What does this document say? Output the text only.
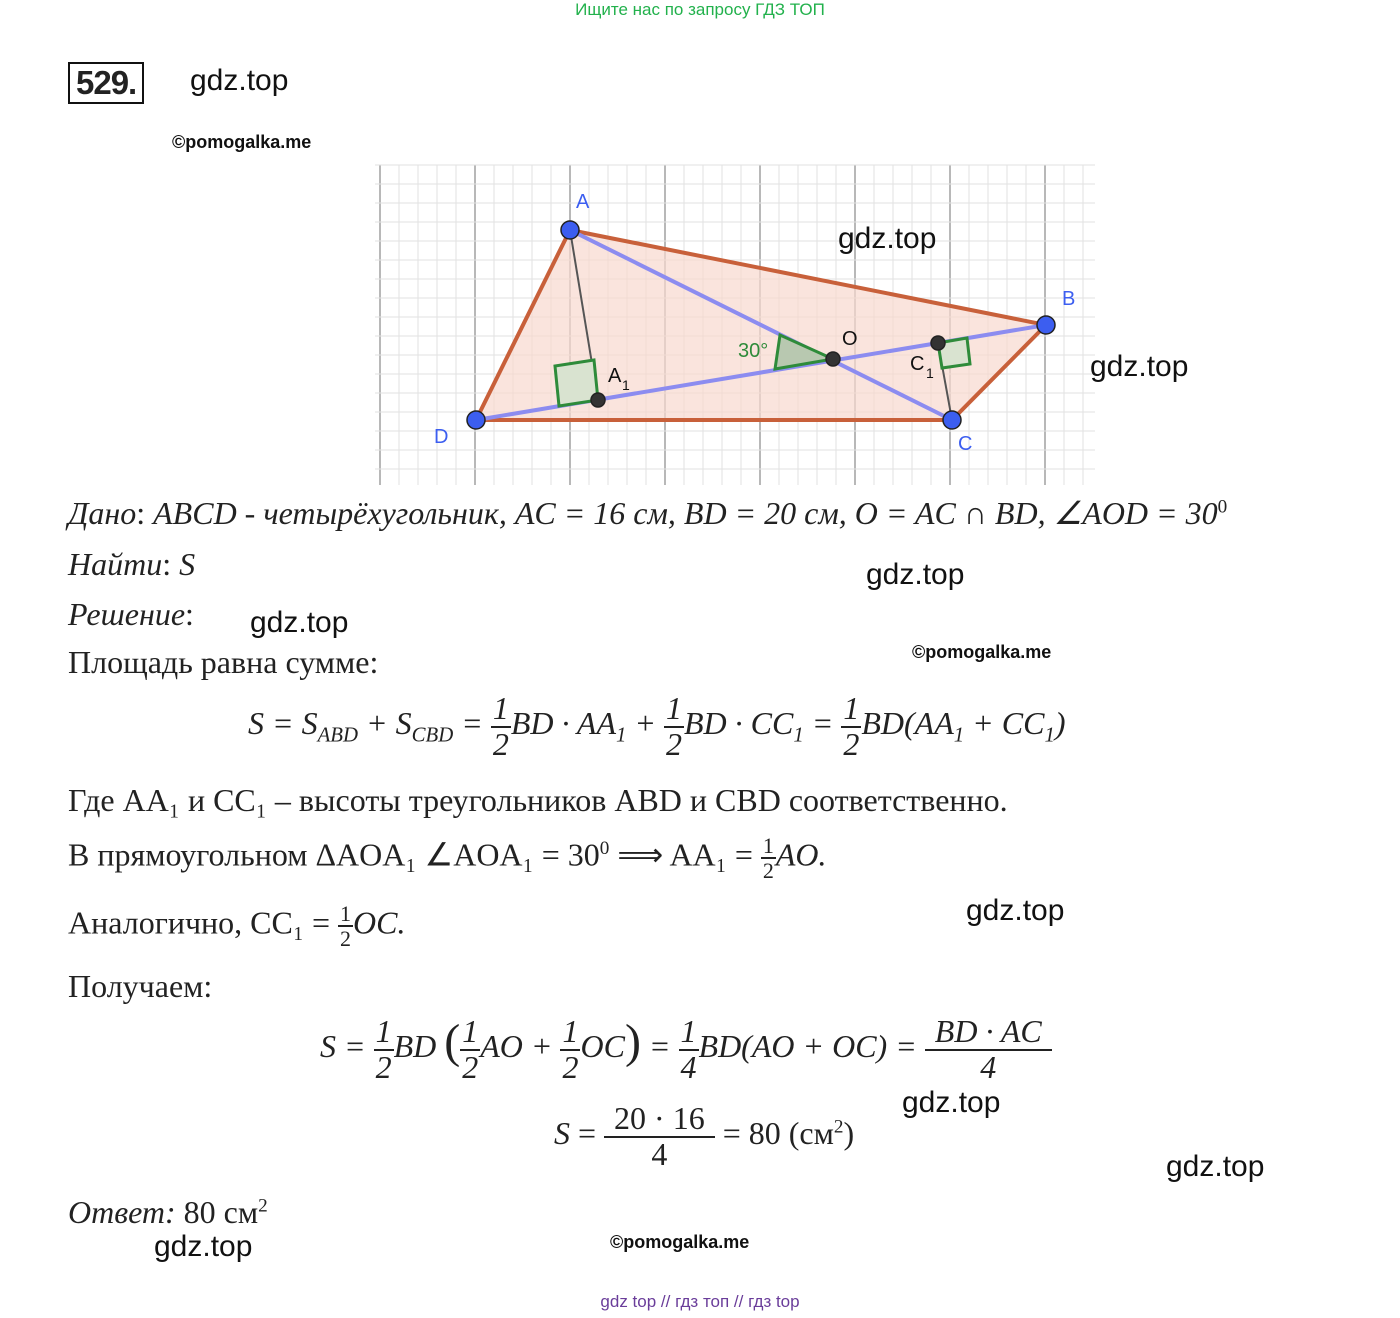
Ищите нас по запросу ГДЗ ТОП
529. gdz.top
©pomogalka.me
A
B
C
D
O
A 1
C 1
30°
gdz.top
gdz.top
Дано: ABCD - четырёхугольник, AC = 16 см, BD = 20 см, O = AC ∩ BD, ∠AOD = $30^0$
Найти: S	gdz.top
Решение: gdz.top
©pomogalka.me
Площадь равна сумме:
$S = S_{ABD} + S_{CBD} = \frac{1}{2}$ BD · $AA_1 + \frac{1}{2}$ BD · $CC_1 = \frac{1}{2} BD(AA_1 + CC_1)$
Где AA₁ и CC₁ – высоты треугольников ABD и CBD соответственно.
В прямоугольном ΔAOA₁ ∠AOA₁ = $30^0$ ⟹ $AA_1 = \frac{1}{2}$ AO.
gdz.top
Аналогично, $CC_1 = \frac{1}{2}$ OC.
Получаем:
$S = \frac{1}{2}$ BD ( $\frac{1}{2}$ AO + $\frac{1}{2} OC) = \frac{1}{4} BD(AO + OC) = \frac{BD \cdot AC}{4}$
gdz.top
$S = \frac{20 \cdot 16}{4} = 80$ $(см^2)$
gdz.top
Ответ: 80 $см^2$
gdz.top	©pomogalka.me
gdz top // гдз топ // гдз top
